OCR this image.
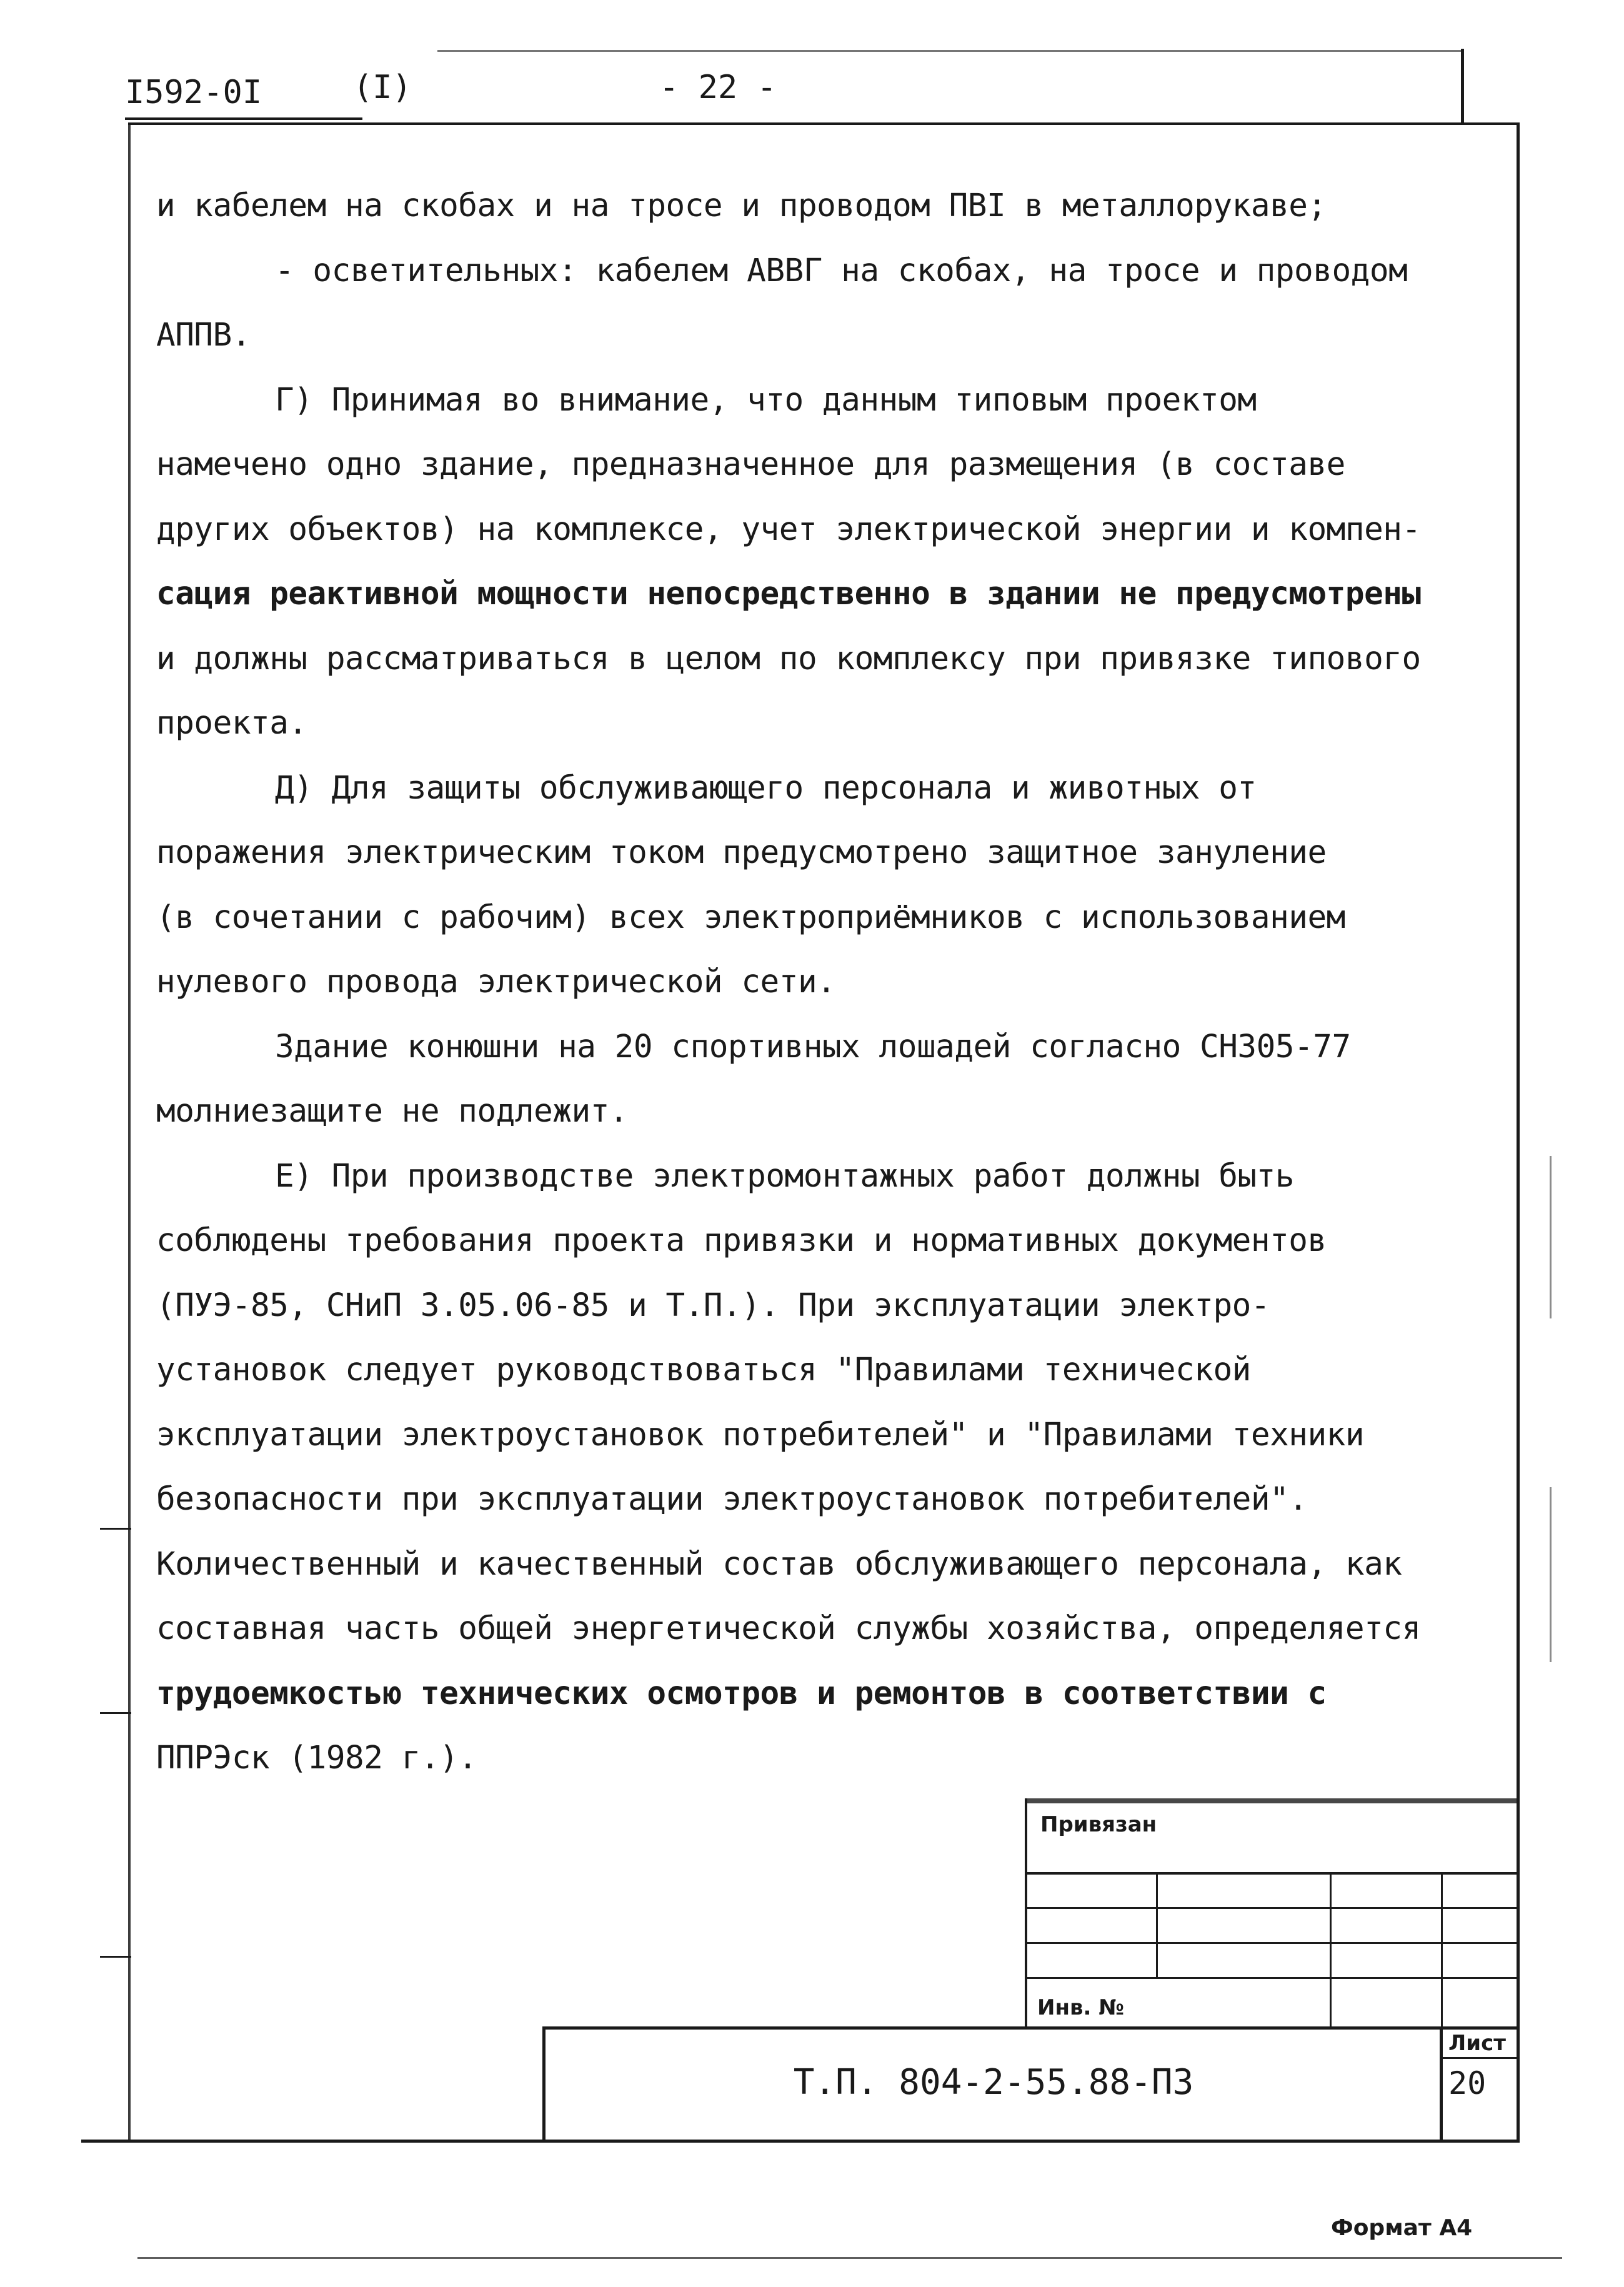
I592-0I	(I)	- 22 -
и кабелем на скобах и на тросе и проводом ПВI в металлорукаве;
- осветительных: кабелем АВВГ на скобах, на тросе и проводом
АППВ.
Г) Принимая во внимание, что данным типовым проектом
намечено одно здание, предназначенное для размещения (в составе
других объектов) на комплексе, учет электрической энергии и компен-
сация реактивной мощности непосредственно в здании не предусмотрены
и должны рассматриваться в целом по комплексу при привязке типового
проекта.
Д) Для защиты обслуживающего персонала и животных от
поражения электрическим током предусмотрено защитное зануление
(в сочетании с рабочим) всех электроприёмников с использованием
нулевого провода электрической сети.
Здание конюшни на 20 спортивных лошадей согласно СН305-77
молниезащите не подлежит.
Е) При производстве электромонтажных работ должны быть
соблюдены требования проекта привязки и нормативных документов
(ПУЭ-85, СНиП 3.05.06-85 и Т.П.). При эксплуатации электро-
установок следует руководствоваться "Правилами технической
эксплуатации электроустановок потребителей" и "Правилами техники
безопасности при эксплуатации электроустановок потребителей".
Количественный и качественный состав обслуживающего персонала, как
составная часть общей энергетической службы хозяйства, определяется
трудоемкостью технических осмотров и ремонтов в соответствии с
ППРЭск (1982 г.).
Привязан
Инв. №
Лист
20
Т.П. 804-2-55.88-ПЗ
Формат А4
